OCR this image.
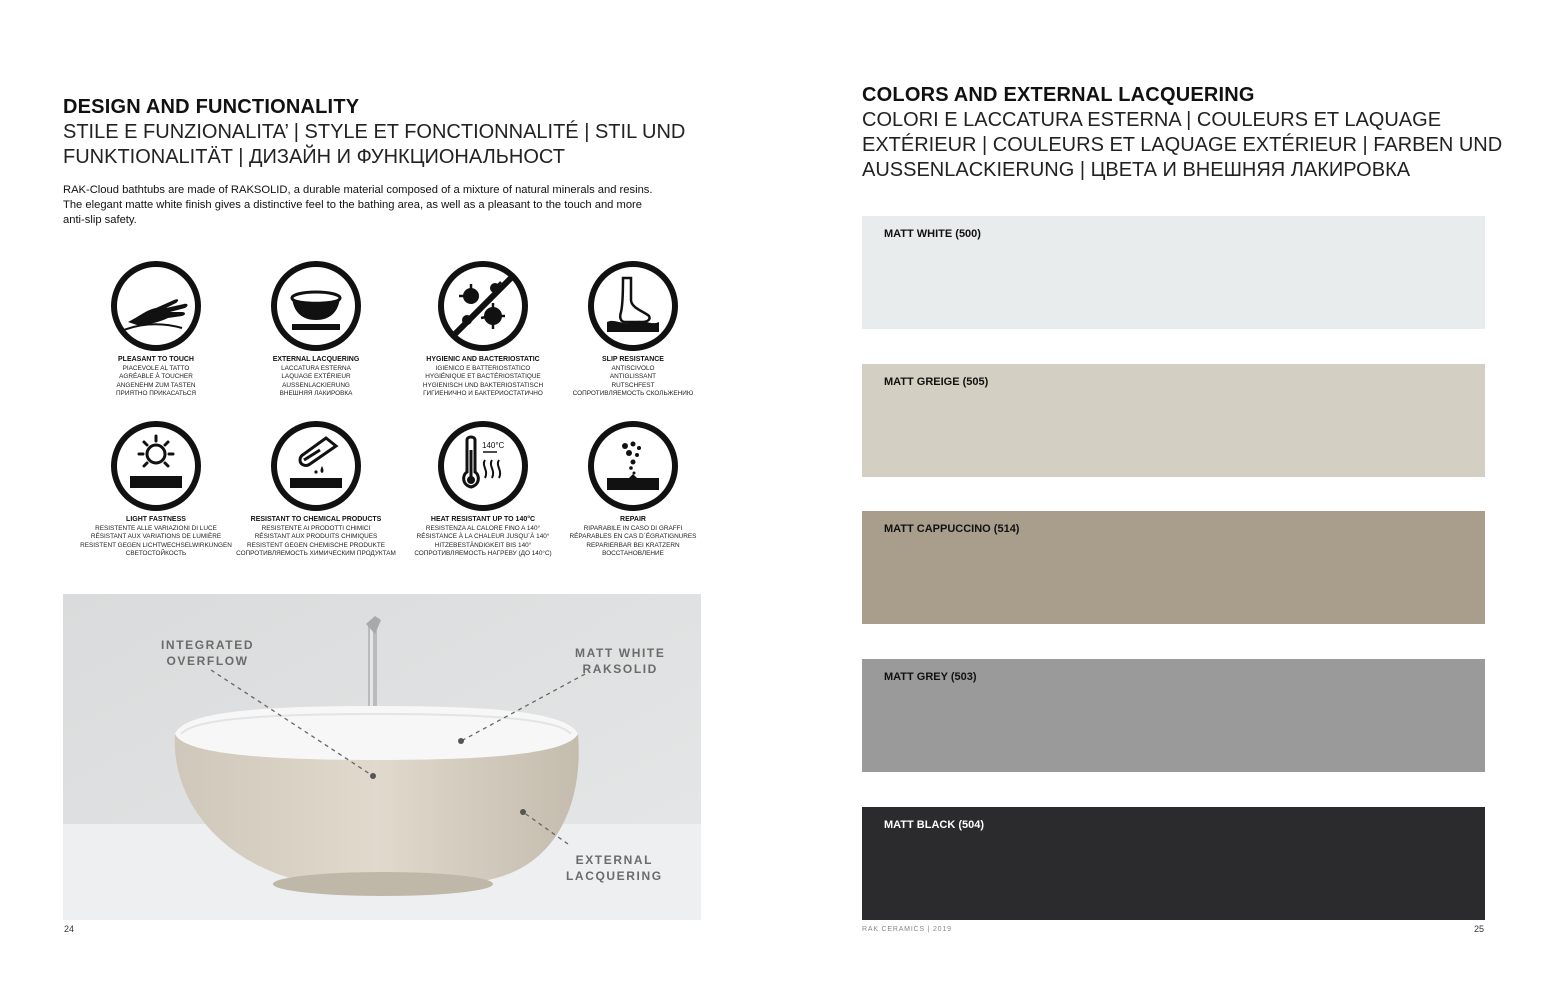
DESIGN AND FUNCTIONALITY
STILE E FUNZIONALITA’ | STYLE ET FONCTIONNALITÉ | STIL UND
FUNKTIONALITÄT | ДИЗАЙН И ФУНКЦИОНАЛЬНОСТ
RAK-Cloud bathtubs are made of RAKSOLID, a durable material composed of a mixture of natural minerals and resins.
The elegant matte white finish gives a distinctive feel to the bathing area, as well as a pleasant to the touch and more
anti-slip safety.
PLEASANT TO TOUCH
PIACEVOLE AL TATTO
AGRÉABLE À TOUCHER
ANGENEHM ZUM TASTEN
ПРИЯТНО ПРИКАСАТЬСЯ
EXTERNAL LACQUERING
LACCATURA ESTERNA
LAQUAGE EXTÉRIEUR
AUSSENLACKIERUNG
ВНЕШНЯЯ ЛАКИРОВКА
HYGIENIC AND BACTERIOSTATIC
IGIENICO E BATTERIOSTATICO
HYGIÉNIQUE ET BACTÉRIOSTATIQUE
HYGIENISCH UND BAKTERIOSTATISCH
ГИГИЕНИЧНО И БАКТЕРИОСТАТИЧНО
SLIP RESISTANCE
ANTISCIVOLO
ANTIGLISSANT
RUTSCHFEST
СОПРОТИВЛЯЕМОСТЬ СКОЛЬЖЕНИЮ
LIGHT FASTNESS
RESISTENTE ALLE VARIAZIONI DI LUCE
RÉSISTANT AUX VARIATIONS DE LUMIÈRE
RESISTENT GEGEN LICHTWECHSELWIRKUNGEN
СВЕТОСТОЙКОСТЬ
RESISTANT TO CHEMICAL PRODUCTS
RESISTENTE AI PRODOTTI CHIMICI
RÉSISTANT AUX PRODUITS CHIMIQUES
RESISTENT GEGEN CHEMISCHE PRODUKTE
СОПРОТИВЛЯЕМОСТЬ ХИМИЧЕСКИМ ПРОДУКТАМ
140°C
HEAT RESISTANT UP TO 140°C
RESISTENZA AL CALORE FINO A 140°
RÉSISTANCE À LA CHALEUR JUSQU´À 140°
HITZEBESTÄNDIGKEIT BIS 140°
СОПРОТИВЛЯЕМОСТЬ НАГРЕВУ (ДО 140°С)
REPAIR
RIPARABILE IN CASO DI GRAFFI
RÉPARABLES EN CAS D´ÉGRATIGNURES
REPARIERBAR BEI KRATZERN
ВОССТАНОВЛЕНИЕ
INTEGRATED
OVERFLOW
MATT WHITE
RAKSOLID
EXTERNAL
LACQUERING
24
COLORS AND EXTERNAL LACQUERING
COLORI E LACCATURA ESTERNA | COULEURS ET LAQUAGE
EXTÉRIEUR | COULEURS ET LAQUAGE EXTÉRIEUR | FARBEN UND
AUSSENLACKIERUNG | ЦВЕТА И ВНЕШНЯЯ ЛАКИРОВКА
MATT WHITE (500)
MATT GREIGE (505)
MATT CAPPUCCINO (514)
MATT GREY (503)
MATT BLACK (504)
RAK CERAMICS | 2019	25
